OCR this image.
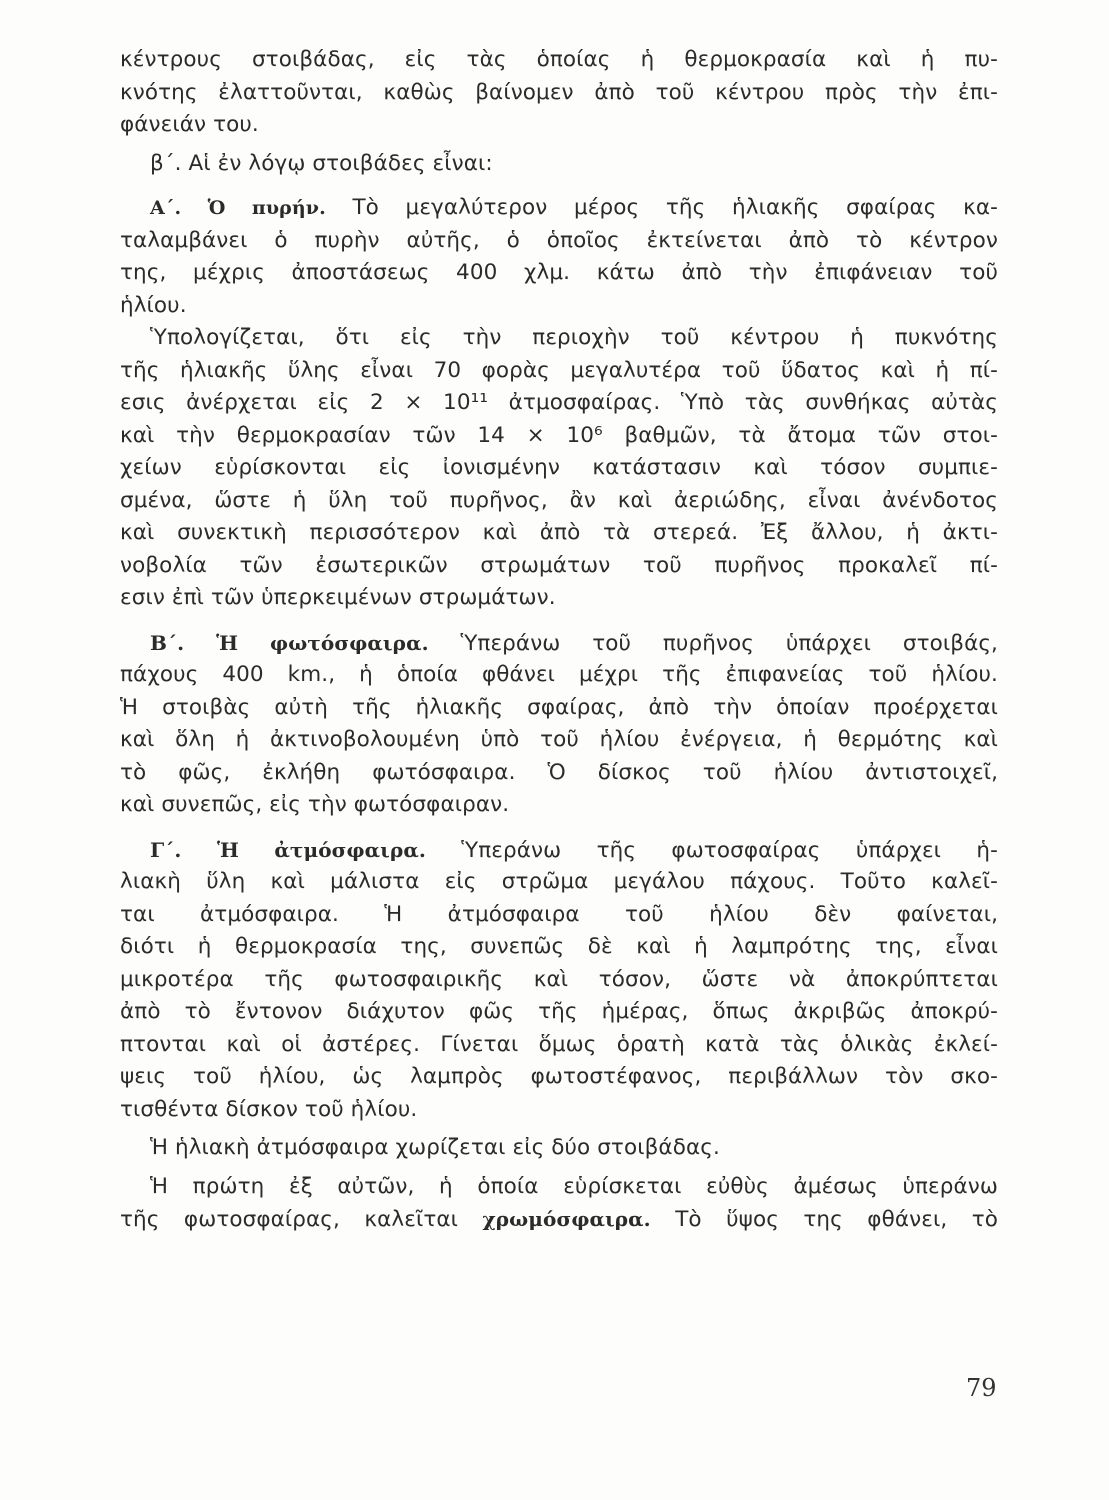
κέντρους στοιβάδας, εἰς τὰς ὁποίας ἡ θερμοκρασία καὶ ἡ πυ-
κνότης ἐλαττοῦνται, καθὼς βαίνομεν ἀπὸ τοῦ κέντρου πρὸς τὴν ἐπι-
φάνειάν του.
β΄. Αἱ ἐν λόγῳ στοιβάδες εἶναι:
Α΄. Ὁ πυρήν. Τὸ μεγαλύτερον μέρος τῆς ἡλιακῆς σφαίρας κα-
ταλαμβάνει ὁ πυρὴν αὐτῆς, ὁ ὁποῖος ἐκτείνεται ἀπὸ τὸ κέντρον
της, μέχρις ἀποστάσεως 400 χλμ. κάτω ἀπὸ τὴν ἐπιφάνειαν τοῦ
ἡλίου.
Ὑπολογίζεται, ὅτι εἰς τὴν περιοχὴν τοῦ κέντρου ἡ πυκνότης
τῆς ἡλιακῆς ὕλης εἶναι 70 φορὰς μεγαλυτέρα τοῦ ὕδατος καὶ ἡ πί-
εσις ἀνέρχεται εἰς 2 × 10¹¹ ἀτμοσφαίρας. Ὑπὸ τὰς συνθήκας αὐτὰς
καὶ τὴν θερμοκρασίαν τῶν 14 × 10⁶ βαθμῶν, τὰ ἄτομα τῶν στοι-
χείων εὑρίσκονται εἰς ἰονισμένην κατάστασιν καὶ τόσον συμπιε-
σμένα, ὥστε ἡ ὕλη τοῦ πυρῆνος, ἂν καὶ ἀεριώδης, εἶναι ἀνένδοτος
καὶ συνεκτικὴ περισσότερον καὶ ἀπὸ τὰ στερεά. Ἐξ ἄλλου, ἡ ἀκτι-
νοβολία τῶν ἐσωτερικῶν στρωμάτων τοῦ πυρῆνος προκαλεῖ πί-
εσιν ἐπὶ τῶν ὑπερκειμένων στρωμάτων.
Β΄. Ἡ φωτόσφαιρα. Ὑπεράνω τοῦ πυρῆνος ὑπάρχει στοιβάς,
πάχους 400 km., ἡ ὁποία φθάνει μέχρι τῆς ἐπιφανείας τοῦ ἡλίου.
Ἡ στοιβὰς αὐτὴ τῆς ἡλιακῆς σφαίρας, ἀπὸ τὴν ὁποίαν προέρχεται
καὶ ὅλη ἡ ἀκτινοβολουμένη ὑπὸ τοῦ ἡλίου ἐνέργεια, ἡ θερμότης καὶ
τὸ φῶς, ἐκλήθη φωτόσφαιρα. Ὁ δίσκος τοῦ ἡλίου ἀντιστοιχεῖ,
καὶ συνεπῶς, εἰς τὴν φωτόσφαιραν.
Γ΄. Ἡ ἀτμόσφαιρα. Ὑπεράνω τῆς φωτοσφαίρας ὑπάρχει ἡ-
λιακὴ ὕλη καὶ μάλιστα εἰς στρῶμα μεγάλου πάχους. Τοῦτο καλεῖ-
ται ἀτμόσφαιρα. Ἡ ἀτμόσφαιρα τοῦ ἡλίου δὲν φαίνεται,
διότι ἡ θερμοκρασία της, συνεπῶς δὲ καὶ ἡ λαμπρότης της, εἶναι
μικροτέρα τῆς φωτοσφαιρικῆς καὶ τόσον, ὥστε νὰ ἀποκρύπτεται
ἀπὸ τὸ ἔντονον διάχυτον φῶς τῆς ἡμέρας, ὅπως ἀκριβῶς ἀποκρύ-
πτονται καὶ οἱ ἀστέρες. Γίνεται ὅμως ὁρατὴ κατὰ τὰς ὁλικὰς ἐκλεί-
ψεις τοῦ ἡλίου, ὡς λαμπρὸς φωτοστέφανος, περιβάλλων τὸν σκο-
τισθέντα δίσκον τοῦ ἡλίου.
Ἡ ἡλιακὴ ἀτμόσφαιρα χωρίζεται εἰς δύο στοιβάδας.
Ἡ πρώτη ἐξ αὐτῶν, ἡ ὁποία εὑρίσκεται εὐθὺς ἀμέσως ὑπεράνω
τῆς φωτοσφαίρας, καλεῖται χρωμόσφαιρα. Τὸ ὕψος της φθάνει, τὸ
79
